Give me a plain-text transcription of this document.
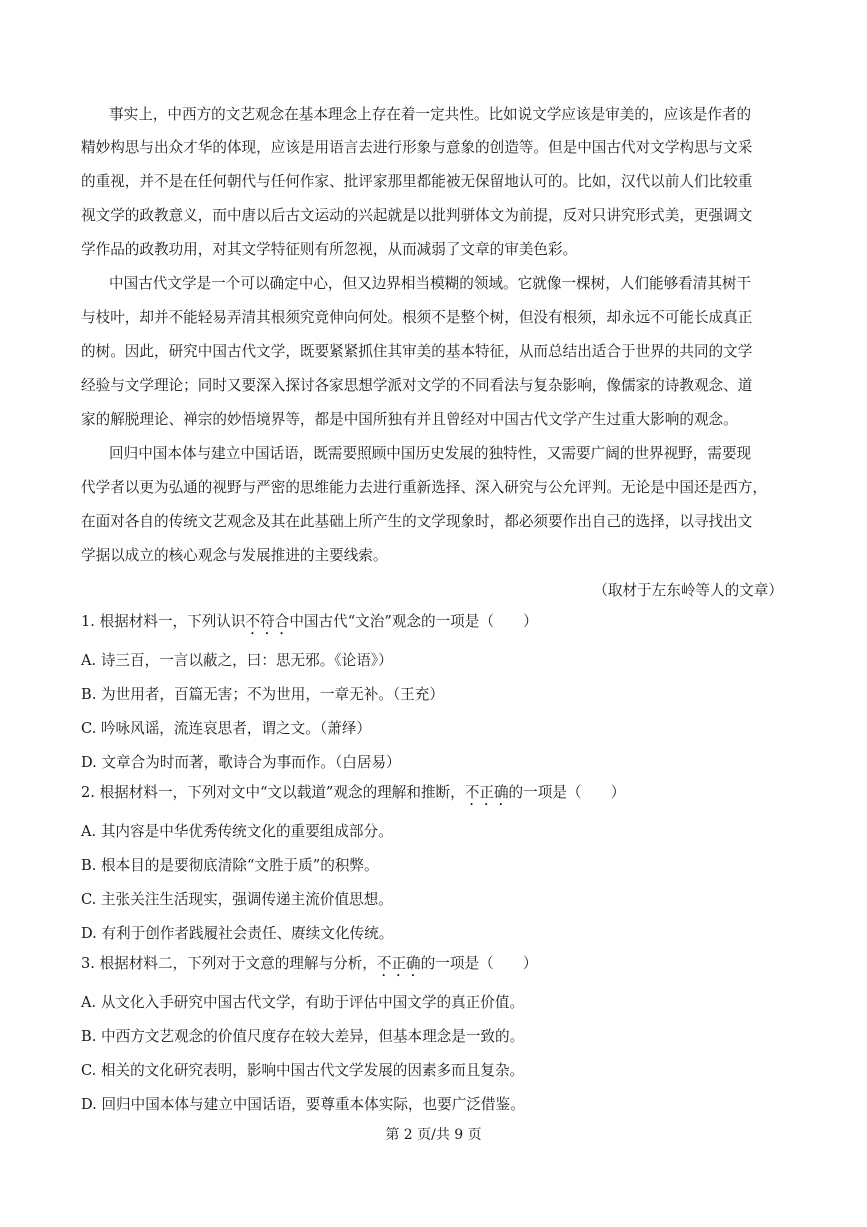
事实上，中西方的文艺观念在基本理念上存在着一定共性。比如说文学应该是审美的，应该是作者的
精妙构思与出众才华的体现，应该是用语言去进行形象与意象的创造等。但是中国古代对文学构思与文采
的重视，并不是在任何朝代与任何作家、批评家那里都能被无保留地认可的。比如，汉代以前人们比较重
视文学的政教意义，而中唐以后古文运动的兴起就是以批判骈体文为前提，反对只讲究形式美，更强调文
学作品的政教功用，对其文学特征则有所忽视，从而减弱了文章的审美色彩。
中国古代文学是一个可以确定中心，但又边界相当模糊的领域。它就像一棵树，人们能够看清其树干
与枝叶，却并不能轻易弄清其根须究竟伸向何处。根须不是整个树，但没有根须，却永远不可能长成真正
的树。因此，研究中国古代文学，既要紧紧抓住其审美的基本特征，从而总结出适合于世界的共同的文学
经验与文学理论；同时又要深入探讨各家思想学派对文学的不同看法与复杂影响，像儒家的诗教观念、道
家的解脱理论、禅宗的妙悟境界等，都是中国所独有并且曾经对中国古代文学产生过重大影响的观念。
回归中国本体与建立中国话语，既需要照顾中国历史发展的独特性，又需要广阔的世界视野，需要现
代学者以更为弘通的视野与严密的思维能力去进行重新选择、深入研究与公允评判。无论是中国还是西方，
在面对各自的传统文艺观念及其在此基础上所产生的文学现象时，都必须要作出自己的选择，以寻找出文
学据以成立的核心观念与发展推进的主要线索。
（取材于左东岭等人的文章）
1. 根据材料一，下列认识不符合中国古代“文治”观念的一项是（　　）
A. 诗三百，一言以蔽之，曰：思无邪。《论语》）
B. 为世用者，百篇无害；不为世用，一章无补。（王充）
C. 吟咏风谣，流连哀思者，谓之文。（萧绎）
D. 文章合为时而著，歌诗合为事而作。（白居易）
2. 根据材料一，下列对文中“文以载道”观念的理解和推断，不正确的一项是（　　）
A. 其内容是中华优秀传统文化的重要组成部分。
B. 根本目的是要彻底清除“文胜于质”的积弊。
C. 主张关注生活现实，强调传递主流价值思想。
D. 有利于创作者践履社会责任、赓续文化传统。
3. 根据材料二，下列对于文意的理解与分析，不正确的一项是（　　）
A. 从文化入手研究中国古代文学，有助于评估中国文学的真正价值。
B. 中西方文艺观念的价值尺度存在较大差异，但基本理念是一致的。
C. 相关的文化研究表明，影响中国古代文学发展的因素多而且复杂。
D. 回归中国本体与建立中国话语，要尊重本体实际，也要广泛借鉴。
第 2 页/共 9 页
